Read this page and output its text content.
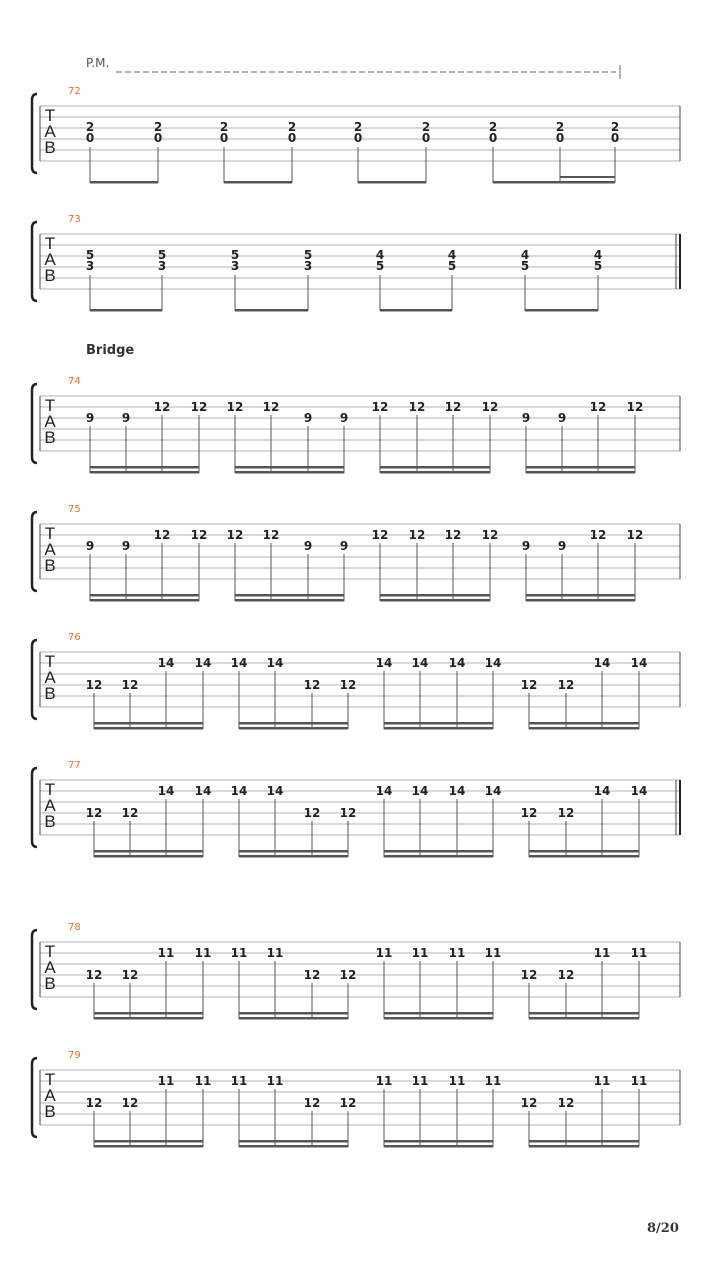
P.M.
Bridge
8/20
T
A
B
72
2
0
2
0
2
0
2
0
2
0
2
0
2
0
2
0
2
0
T
A
B
73
5
3
5
3
5
3
5
3
4
5
4
5
4
5
4
5
T
A
B
74
9 9
12 12 12 12
9 9
12 12 12 12
9 9
12 12
T
A
B
75
9 9
12 12 12 12
9 9
12 12 12 12
9 9
12 12
T
A
B
76
12 12
14 14 14 14
12 12
14 14 14 14
12 12
14 14
T
A
B
77
12 12
14 14 14 14
12 12
14 14 14 14
12 12
14 14
T
A
B
78
12 12
11 11 11 11
12 12
11 11 11 11
12 12
11 11
T
A
B
79
12 12
11 11 11 11
12 12
11 11 11 11
12 12
11 11
